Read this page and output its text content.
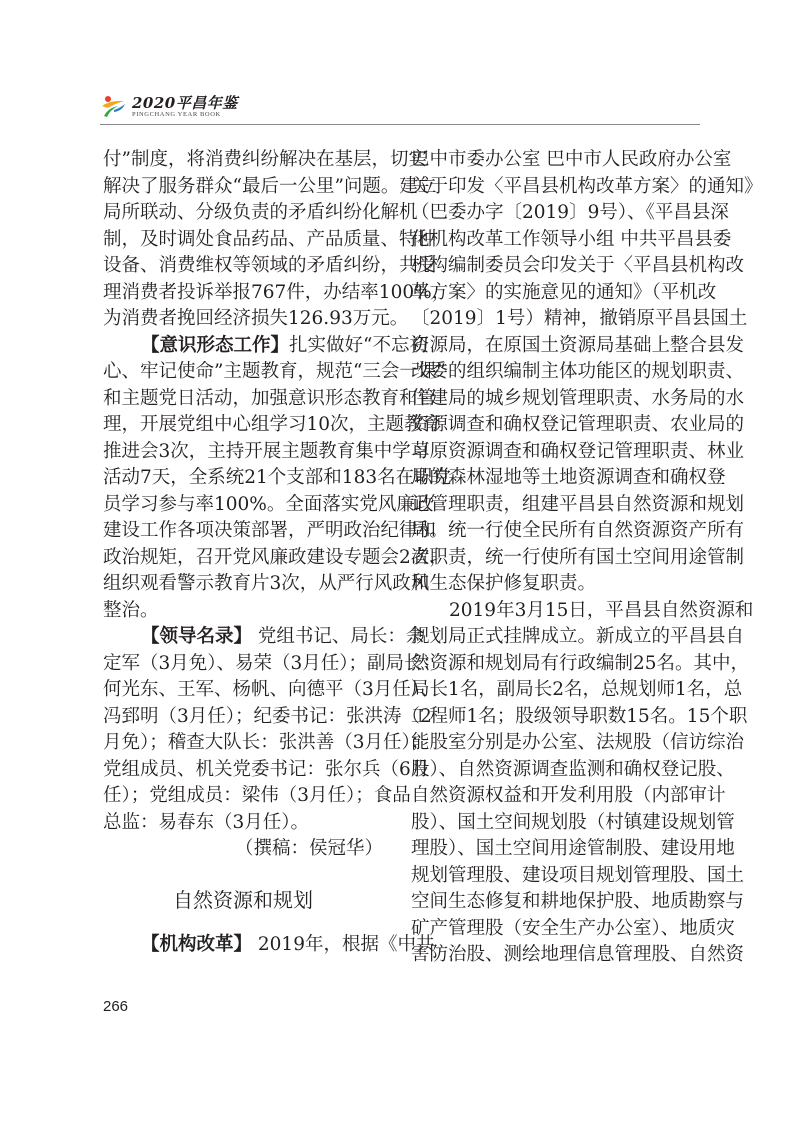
2020平昌年鉴
PINGCHANG YEAR BOOK
付”制度，将消费纠纷解决在基层，切实
解决了服务群众“最后一公里”问题。建立
局所联动、分级负责的矛盾纠纷化解机
制，及时调处食品药品、产品质量、特种
设备、消费维权等领域的矛盾纠纷，共受
理消费者投诉举报767件，办结率100%，
为消费者挽回经济损失126.93万元。
【意识形态工作】扎实做好“不忘初
心、牢记使命”主题教育，规范“三会一课”
和主题党日活动，加强意识形态教育和管
理，开展党组中心组学习10次，主题教育
推进会3次，主持开展主题教育集中学习
活动7天，全系统21个支部和183名在职党
员学习参与率100%。全面落实党风廉政
建设工作各项决策部署，严明政治纪律和
政治规矩，召开党风廉政建设专题会2次，
组织观看警示教育片3次，从严行风政风
整治。
【领导名录】 党组书记、局长：余
定军（3月免）、易荣（3月任）；副局长：
何光东、王军、杨帆、向德平（3月任）、
冯郅明（3月任）；纪委书记：张洪涛（2
月免）；稽查大队长：张洪善（3月任）；
党组成员、机关党委书记：张尔兵（6月
任）；党组成员：梁伟（3月任）；食品
总监：易春东（3月任）。
（撰稿：侯冠华）
自然资源和规划
【机构改革】 2019年，根据《中共
巴中市委办公室 巴中市人民政府办公室
关于印发〈平昌县机构改革方案〉的通知》
（巴委办字〔2019〕9号）、《平昌县深
化机构改革工作领导小组 中共平昌县委
机构编制委员会印发关于〈平昌县机构改
革方案〉的实施意见的通知》（平机改
〔2019〕1号）精神，撤销原平昌县国土
资源局，在原国土资源局基础上整合县发
改委的组织编制主体功能区的规划职责、
住建局的城乡规划管理职责、水务局的水
资源调查和确权登记管理职责、农业局的
草原资源调查和确权登记管理职责、林业
局的森林湿地等土地资源调查和确权登
记管理职责，组建平昌县自然资源和规划
局。统一行使全民所有自然资源资产所有
者职责，统一行使所有国土空间用途管制
和生态保护修复职责。
2019年3月15日，平昌县自然资源和
规划局正式挂牌成立。新成立的平昌县自
然资源和规划局有行政编制25名。其中，
局长1名，副局长2名，总规划师1名，总
工程师1名；股级领导职数15名。15个职
能股室分别是办公室、法规股（信访综治
股）、自然资源调查监测和确权登记股、
自然资源权益和开发利用股（内部审计
股）、国土空间规划股（村镇建设规划管
理股）、国土空间用途管制股、建设用地
规划管理股、建设项目规划管理股、国土
空间生态修复和耕地保护股、地质勘察与
矿产管理股（安全生产办公室）、地质灾
害防治股、测绘地理信息管理股、自然资
266
